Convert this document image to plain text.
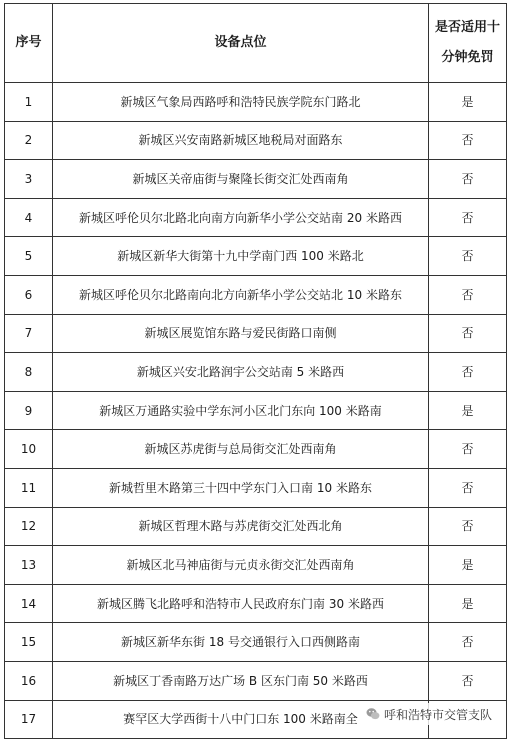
序号	设备点位	是否适用十
分钟免罚

1	新城区气象局西路呼和浩特民族学院东门路北	是
2	新城区兴安南路新城区地税局对面路东	否
3	新城区关帝庙街与聚隆长街交汇处西南角	否
4	新城区呼伦贝尔北路北向南方向新华小学公交站南 20 米路西	否
5	新城区新华大街第十九中学南门西 100 米路北	否
6	新城区呼伦贝尔北路南向北方向新华小学公交站北 10 米路东	否
7	新城区展览馆东路与爱民街路口南侧	否
8	新城区兴安北路润宇公交站南 5 米路西	否
9	新城区万通路实验中学东河小区北门东向 100 米路南	是
10	新城区苏虎街与总局街交汇处西南角	否
11	新城哲里木路第三十四中学东门入口南 10 米路东	否
12	新城区哲理木路与苏虎街交汇处西北角	否
13	新城区北马神庙街与元贞永街交汇处西南角	是
14	新城区腾飞北路呼和浩特市人民政府东门南 30 米路西	是
15	新城区新华东街 18 号交通银行入口西侧路南	否
16	新城区丁香南路万达广场 B 区东门南 50 米路西	否
17	赛罕区大学西街十八中门口东 100 米路南全	呼和浩特市交管支队
